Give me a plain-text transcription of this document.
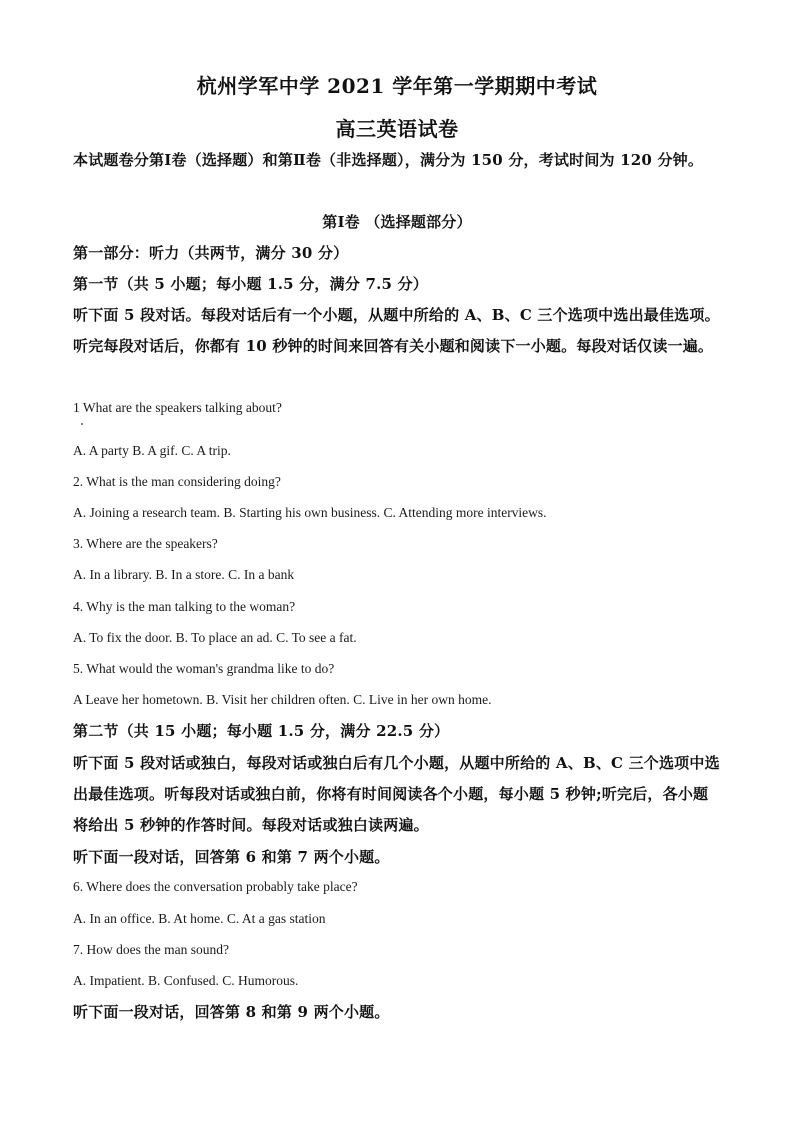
杭州学军中学 2021 学年第一学期期中考试
高三英语试卷
本试题卷分第Ⅰ卷（选择题）和第Ⅱ卷（非选择题），满分为 150 分，考试时间为 120 分钟。
第Ⅰ卷 （选择题部分）
第一部分：听力（共两节，满分 30 分）
第一节（共 5 小题；每小题 1.5 分，满分 7.5 分）
听下面 5 段对话。每段对话后有一个小题，从题中所给的 A、B、C 三个选项中选出最佳选项。听完每段对话后，你都有 10 秒钟的时间来回答有关小题和阅读下一小题。每段对话仅读一遍。
1 What are the speakers talking about?
A. A party B. A gif. C. A trip.
2. What is the man considering doing?
A. Joining a research team. B. Starting his own business. C. Attending more interviews.
3. Where are the speakers?
A. In a library. B. In a store. C. In a bank
4. Why is the man talking to the woman?
A. To fix the door. B. To place an ad. C. To see a fat.
5. What would the woman's grandma like to do?
A Leave her hometown. B. Visit her children often. C. Live in her own home.
第二节（共 15 小题；每小题 1.5 分，满分 22.5 分）
听下面 5 段对话或独白，每段对话或独白后有几个小题，从题中所给的 A、B、C 三个选项中选出最佳选项。听每段对话或独白前，你将有时间阅读各个小题，每小题 5 秒钟;听完后，各小题将给出 5 秒钟的作答时间。每段对话或独白读两遍。
听下面一段对话，回答第 6 和第 7 两个小题。
6. Where does the conversation probably take place?
A. In an office. B. At home. C. At a gas station
7. How does the man sound?
A. Impatient. B. Confused. C. Humorous.
听下面一段对话，回答第 8 和第 9 两个小题。
